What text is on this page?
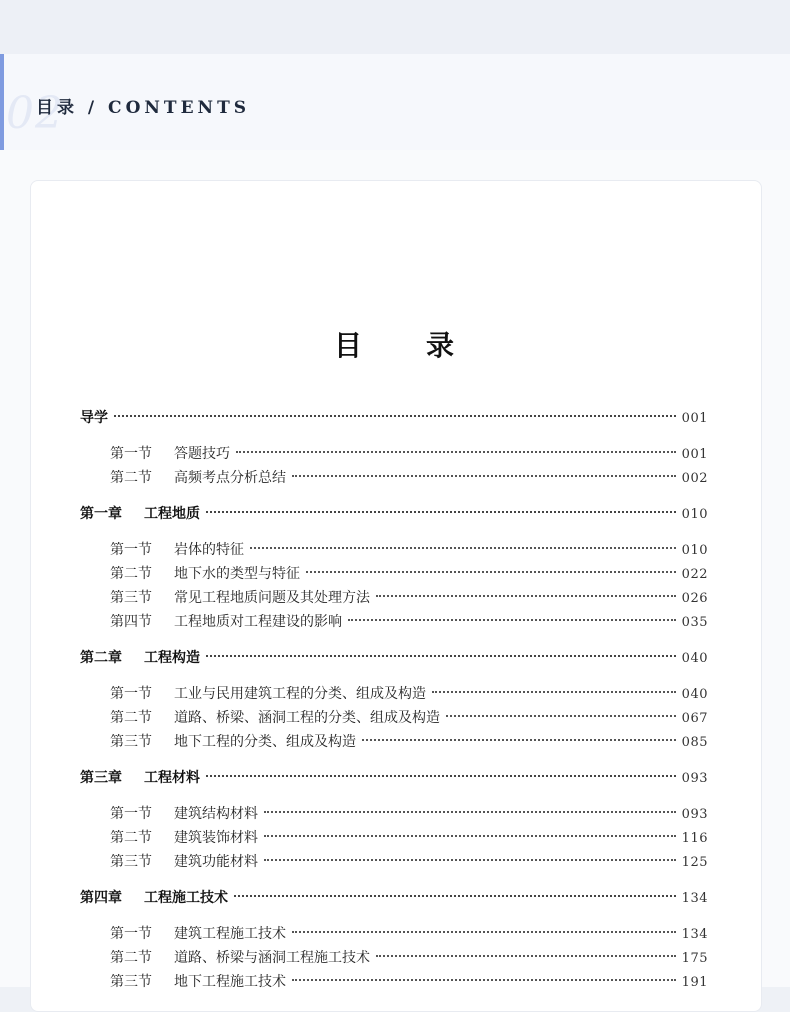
02
目录 / CONTENTS
目 录
导学	001
第一节	答题技巧	001
第二节	高频考点分析总结	002
第一章	工程地质	010
第一节	岩体的特征	010
第二节	地下水的类型与特征	022
第三节	常见工程地质问题及其处理方法	026
第四节	工程地质对工程建设的影响	035
第二章	工程构造	040
第一节	工业与民用建筑工程的分类、组成及构造	040
第二节	道路、桥梁、涵洞工程的分类、组成及构造	067
第三节	地下工程的分类、组成及构造	085
第三章	工程材料	093
第一节	建筑结构材料	093
第二节	建筑装饰材料	116
第三节	建筑功能材料	125
第四章	工程施工技术	134
第一节	建筑工程施工技术	134
第二节	道路、桥梁与涵洞工程施工技术	175
第三节	地下工程施工技术	191
